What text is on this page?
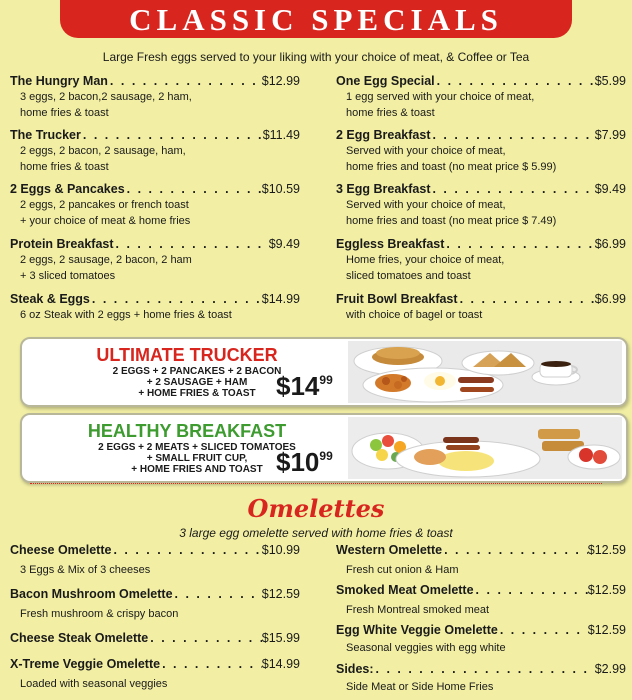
CLASSIC SPECIALS
Large Fresh eggs served to your liking with your choice of meat, & Coffee or Tea
The Hungry Man . . .	$12.99
3 eggs, 2 bacon,2 sausage, 2 ham,
home fries & toast
The Trucker . . .	$11.49
2 eggs, 2 bacon, 2 sausage, ham,
home fries & toast
2 Eggs & Pancakes . . .	$10.59
2 eggs, 2 pancakes or french toast
+ your choice of meat & home fries
Protein Breakfast . . .	$9.49
2 eggs, 2 sausage, 2 bacon, 2 ham
+ 3 sliced tomatoes
Steak & Eggs . . .	$14.99
6 oz Steak with 2 eggs + home fries & toast
One Egg Special . . .	$5.99
1 egg served with your choice of meat,
home fries & toast
2 Egg Breakfast . . .	$7.99
Served with your choice of meat,
home fries and toast (no meat price $ 5.99)
3 Egg Breakfast . . .	$9.49
Served with your choice of meat,
home fries and toast (no meat price $ 7.49)
Eggless Breakfast . . .	$6.99
Home fries, your choice of meat,
sliced tomatoes and toast
Fruit Bowl Breakfast . . .	$6.99
with choice of bagel or toast
ULTIMATE TRUCKER
2 EGGS + 2 PANCAKES + 2 BACON
+ 2 SAUSAGE + HAM
+ HOME FRIES & TOAST $\$14^{99}$
HEALTHY BREAKFAST
2 EGGS + 2 MEATS + SLICED TOMATOES
+ SMALL FRUIT CUP,
+ HOME FRIES AND TOAST $\$10^{99}$
Omelettes
3 large egg omelette served with home fries & toast
Cheese Omelette . . .	$10.99
3 Eggs & Mix of 3 cheeses
Bacon Mushroom Omelette . . .	$12.59
Fresh mushroom & crispy bacon
Cheese Steak Omelette . . .	$15.99
X-Treme Veggie Omelette . . .	$14.99
Loaded with seasonal veggies
Western Omelette . . .	$12.59
Fresh cut onion & Ham
Smoked Meat Omelette . . .	$12.59
Fresh Montreal smoked meat
Egg White Veggie Omelette . . .	$12.59
Seasonal veggies with egg white
Sides: . . .	$2.99
Side Meat or Side Home Fries
